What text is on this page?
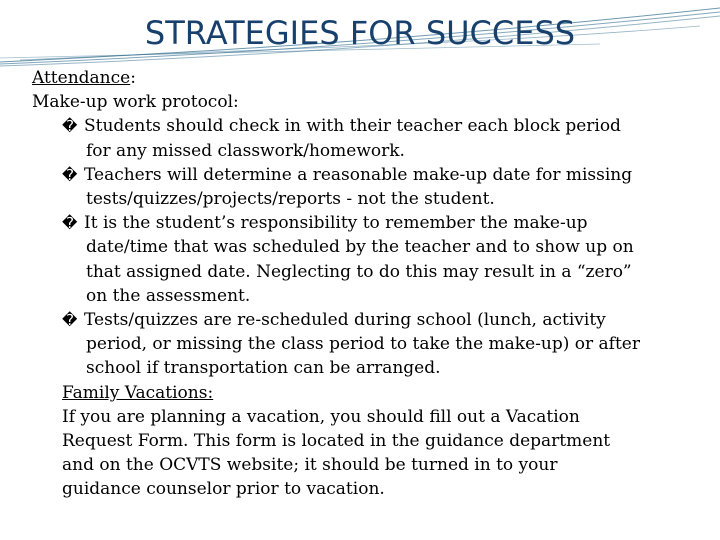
STRATEGIES FOR SUCCESS
Attendance:
Make-up work protocol:
� Students should check in with their teacher each block period
for any missed classwork/homework.
� Teachers will determine a reasonable make-up date for missing
tests/quizzes/projects/reports - not the student.
� It is the student’s responsibility to remember the make-up
date/time that was scheduled by the teacher and to show up on
that assigned date. Neglecting to do this may result in a “zero”
on the assessment.
� Tests/quizzes are re-scheduled during school (lunch, activity
period, or missing the class period to take the make-up) or after
school if transportation can be arranged.
Family Vacations:
If you are planning a vacation, you should fill out a Vacation
Request Form. This form is located in the guidance department
and on the OCVTS website; it should be turned in to your
guidance counselor prior to vacation.
